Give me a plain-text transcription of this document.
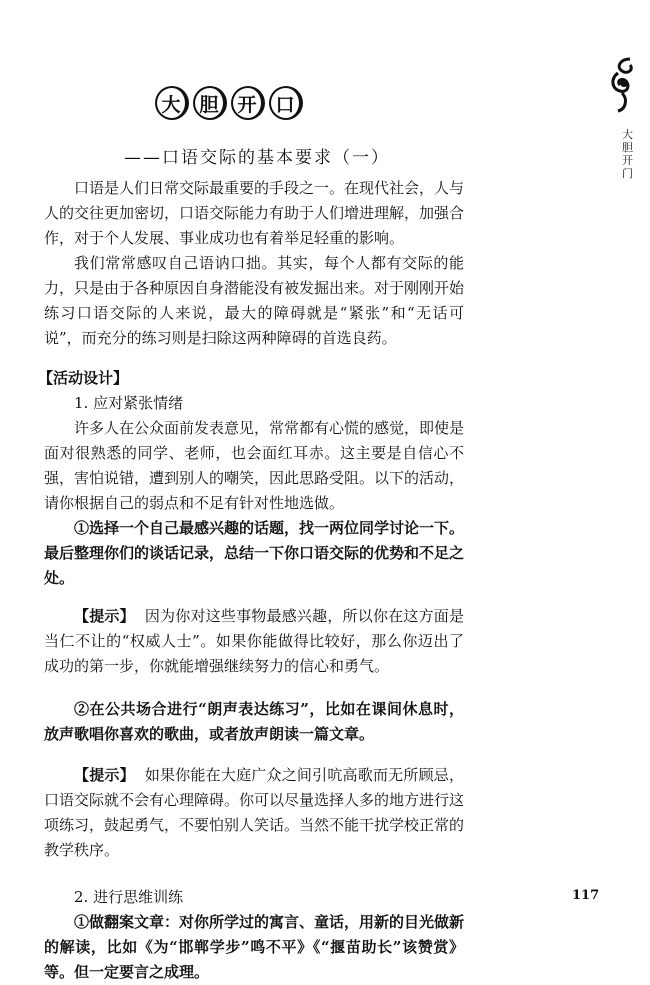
大胆开门
大 胆 开 口
——口语交际的基本要求（一）

口语是人们日常交际最重要的手段之一。在现代社会，人与人的交往更加密切，口语交际能力有助于人们增进理解，加强合作，对于个人发展、事业成功也有着举足轻重的影响。

我们常常感叹自己语讷口拙。其实，每个人都有交际的能力，只是由于各种原因自身潜能没有被发掘出来。对于刚刚开始练习口语交际的人来说，最大的障碍就是“紧张”和“无话可说”，而充分的练习则是扫除这两种障碍的首选良药。

【活动设计】

1. 应对紧张情绪

许多人在公众面前发表意见，常常都有心慌的感觉，即使是面对很熟悉的同学、老师，也会面红耳赤。这主要是自信心不强，害怕说错，遭到别人的嘲笑，因此思路受阻。以下的活动，请你根据自己的弱点和不足有针对性地选做。

①选择一个自己最感兴趣的话题，找一两位同学讨论一下。最后整理你们的谈话记录，总结一下你口语交际的优势和不足之处。

【提示】 因为你对这些事物最感兴趣，所以你在这方面是当仁不让的“权威人士”。如果你能做得比较好，那么你迈出了成功的第一步，你就能增强继续努力的信心和勇气。

②在公共场合进行“朗声表达练习”，比如在课间休息时，放声歌唱你喜欢的歌曲，或者放声朗读一篇文章。

【提示】 如果你能在大庭广众之间引吭高歌而无所顾忌，口语交际就不会有心理障碍。你可以尽量选择人多的地方进行这项练习，鼓起勇气，不要怕别人笑话。当然不能干扰学校正常的教学秩序。

2. 进行思维训练

①做翻案文章：对你所学过的寓言、童话，用新的目光做新的解读，比如《为“邯郸学步”鸣不平》《“揠苗助长”该赞赏》等。但一定要言之成理。

117
